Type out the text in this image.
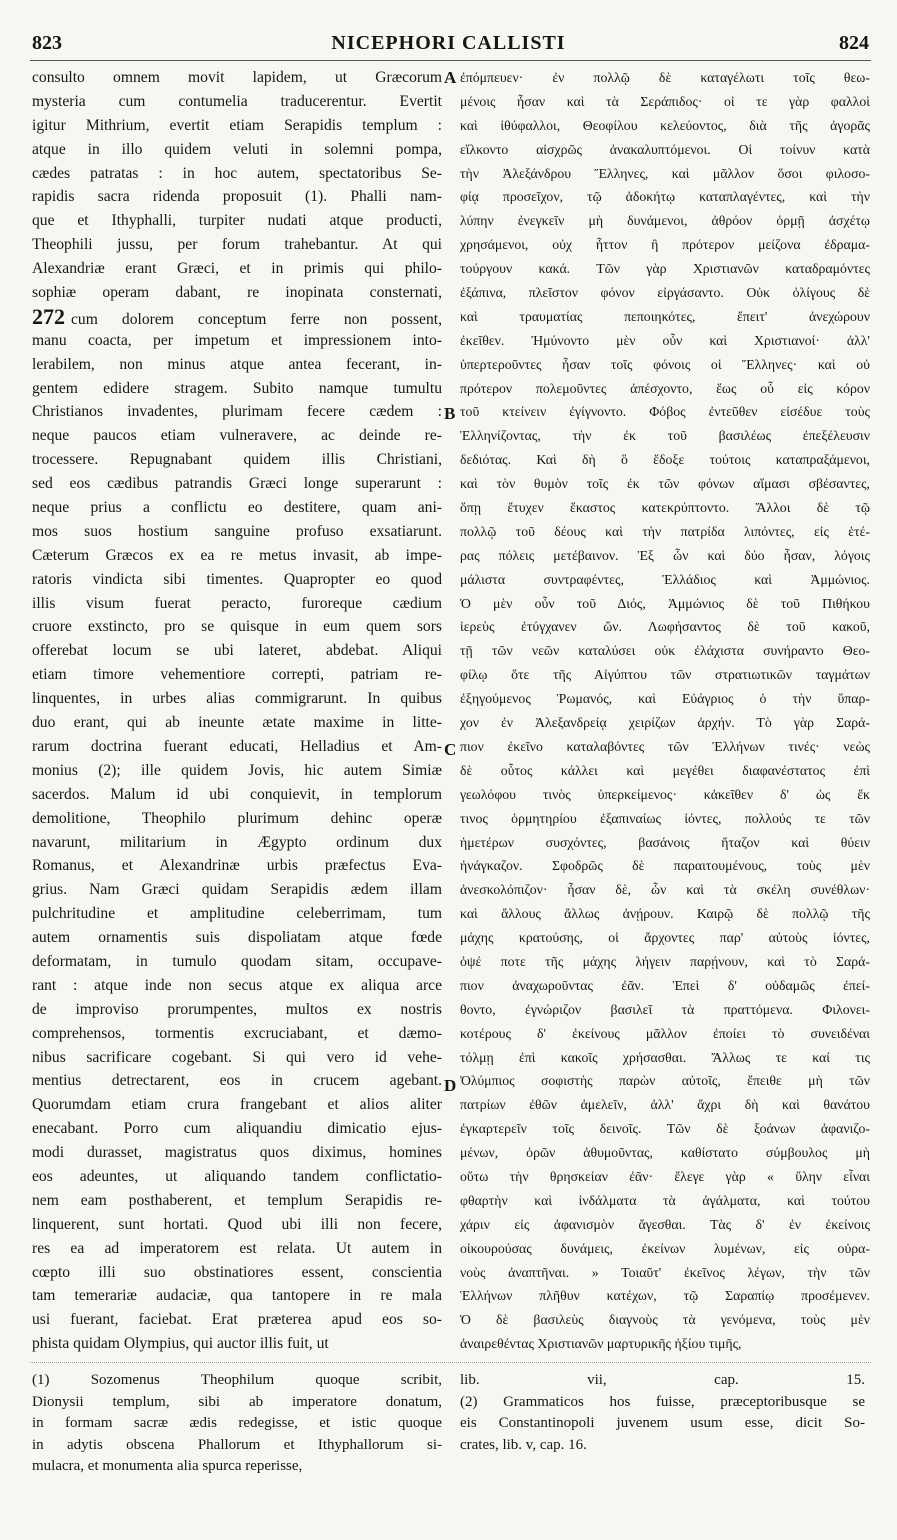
823	NICEPHORI CALLISTI	824
consulto omnem movit lapidem, ut Græcorum
mysteria cum contumelia traducerentur. Evertit
igitur Mithrium, evertit etiam Serapidis templum :
atque in illo quidem veluti in solemni pompa,
cædes patratas : in hoc autem, spectatoribus Se-
rapidis sacra ridenda proposuit (1). Phalli nam-
que et Ithyphalli, turpiter nudati atque producti,
Theophili jussu, per forum trahebantur. At qui
Alexandriæ erant Græci, et in primis qui philo-
sophiæ operam dabant, re inopinata consternati,
272 cum dolorem conceptum ferre non possent,
manu coacta, per impetum et impressionem into-
lerabilem, non minus atque antea fecerant, in-
gentem edidere stragem. Subito namque tumultu
Christianos invadentes, plurimam fecere cædem :
neque paucos etiam vulneravere, ac deinde re-
trocessere. Repugnabant quidem illis Christiani,
sed eos cædibus patrandis Græci longe superarunt :
neque prius a conflictu eo destitere, quam ani-
mos suos hostium sanguine profuso exsatiarunt.
Cæterum Græcos ex ea re metus invasit, ab impe-
ratoris vindicta sibi timentes. Quapropter eo quod
illis visum fuerat peracto, furoreque cædium
cruore exstincto, pro se quisque in eum quem sors
offerebat locum se ubi lateret, abdebat. Aliqui
etiam timore vehementiore correpti, patriam re-
linquentes, in urbes alias commigrarunt. In quibus
duo erant, qui ab ineunte ætate maxime in litte-
rarum doctrina fuerant educati, Helladius et Am-
monius (2); ille quidem Jovis, hic autem Simiæ
sacerdos. Malum id ubi conquievit, in templorum
demolitione, Theophilo plurimum dehinc operæ
navarunt, militarium in Ægypto ordinum dux
Romanus, et Alexandrinæ urbis præfectus Eva-
grius. Nam Græci quidam Serapidis ædem illam
pulchritudine et amplitudine celeberrimam, tum
autem ornamentis suis dispoliatam atque fœde
deformatam, in tumulo quodam sitam, occupave-
rant : atque inde non secus atque ex aliqua arce
de improviso prorumpentes, multos ex nostris
comprehensos, tormentis excruciabant, et dæmo-
nibus sacrificare cogebant. Si qui vero id vehe-
mentius detrectarent, eos in crucem agebant.
Quorumdam etiam crura frangebant et alios aliter
enecabant. Porro cum aliquandiu dimicatio ejus-
modi durasset, magistratus quos diximus, homines
eos adeuntes, ut aliquando tandem conflictatio-
nem eam posthaberent, et templum Serapidis re-
linquerent, sunt hortati. Quod ubi illi non fecere,
res ea ad imperatorem est relata. Ut autem in
cœpto illi suo obstinatiores essent, conscientia
tam temerariæ audaciæ, qua tantopere in re mala
usi fuerant, faciebat. Erat præterea apud eos so-
phista quidam Olympius, qui auctor illis fuit, ut
ἐπόμπευεν· ἐν πολλῷ δὲ καταγέλωτι τοῖς θεω-
μένοις ἦσαν καὶ τὰ Σεράπιδος· οἱ τε γὰρ φαλλοὶ
καὶ ἰθύφαλλοι, Θεοφίλου κελεύοντος, διὰ τῆς ἀγορᾶς
εἵλκοντο αἰσχρῶς ἀνακαλυπτόμενοι. Οἱ τοίνυν κατὰ
τὴν Ἀλεξάνδρου Ἕλληνες, καὶ μᾶλλον ὅσοι φιλοσο-
φίᾳ προσεῖχον, τῷ ἀδοκήτῳ καταπλαγέντες, καὶ τὴν
λύπην ἐνεγκεῖν μὴ δυνάμενοι, ἀθρόον ὁρμῇ ἀσχέτῳ
χρησάμενοι, οὐχ ἧττον ἢ πρότερον μείζονα ἐδραμα-
τούργουν κακά. Τῶν γὰρ Χριστιανῶν καταδραμόντες
ἐξάπινα, πλεῖστον φόνον εἰργάσαντο. Οὐκ ὀλίγους δὲ
καὶ τραυματίας πεποιηκότες, ἔπειτ' ἀνεχώρουν
ἐκεῖθεν. Ἠμύνοντο μὲν οὖν καὶ Χριστιανοί· ἀλλ'
ὑπερτεροῦντες ἦσαν τοῖς φόνοις οἱ Ἕλληνες· καὶ οὐ
πρότερον πολεμοῦντες ἀπέσχοντο, ἕως οὗ εἰς κόρον
τοῦ κτείνειν ἐγίγνοντο. Φόβος ἐντεῦθεν εἰσέδυε τοὺς
Ἑλληνίζοντας, τὴν ἐκ τοῦ βασιλέως ἐπεξέλευσιν
δεδιότας. Καὶ δὴ ὃ ἔδοξε τούτοις καταπραξάμενοι,
καὶ τὸν θυμὸν τοῖς ἐκ τῶν φόνων αἵμασι σβέσαντες,
ὅπῃ ἔτυχεν ἕκαστος κατεκρύπτοντο. Ἄλλοι δὲ τῷ
πολλῷ τοῦ δέους καὶ τὴν πατρίδα λιπόντες, εἰς ἑτέ-
ρας πόλεις μετέβαινον. Ἐξ ὧν καὶ δύο ἦσαν, λόγοις
μάλιστα συντραφέντες, Ἑλλάδιος καὶ Ἀμμώνιος.
Ὁ μὲν οὖν τοῦ Διός, Ἀμμώνιος δὲ τοῦ Πιθήκου
ἱερεὺς ἐτύγχανεν ὤν. Λωφήσαντος δὲ τοῦ κακοῦ,
τῇ τῶν νεῶν καταλύσει οὐκ ἐλάχιστα συνήραντο Θεο-
φίλῳ ὅτε τῆς Αἰγύπτου τῶν στρατιωτικῶν ταγμάτων
ἐξηγούμενος Ῥωμανός, καὶ Εὐάγριος ὁ τὴν ὕπαρ-
χον ἐν Ἀλεξανδρείᾳ χειρίζων ἀρχήν. Τὸ γὰρ Σαρά-
πιον ἐκεῖνο καταλαβόντες τῶν Ἑλλήνων τινές· νεὼς
δὲ οὗτος κάλλει καὶ μεγέθει διαφανέστατος ἐπὶ
γεωλόφου τινὸς ὑπερκείμενος· κἀκεῖθεν δ' ὡς ἔκ
τινος ὁρμητηρίου ἐξαπιναίως ἰόντες, πολλούς τε τῶν
ἡμετέρων συσχόντες, βασάνοις ἤταζον καὶ θύειν
ἠνάγκαζον. Σφοδρῶς δὲ παραιτουμένους, τοὺς μὲν
ἀνεσκολόπιζον· ἦσαν δὲ, ὧν καὶ τὰ σκέλη συνέθλων·
καὶ ἄλλους ἄλλως ἀνῄρουν. Καιρῷ δὲ πολλῷ τῆς
μάχης κρατούσης, οἱ ἄρχοντες παρ' αὐτοὺς ἰόντες,
ὀψέ ποτε τῆς μάχης λήγειν παρῄνουν, καὶ τὸ Σαρά-
πιον ἀναχωροῦντας ἐᾶν. Ἐπεὶ δ' οὐδαμῶς ἐπεί-
θοντο, ἐγνώριζον βασιλεῖ τὰ πραττόμενα. Φιλονει-
κοτέρους δ' ἐκείνους μᾶλλον ἐποίει τὸ συνειδέναι
τόλμῃ ἐπὶ κακοῖς χρήσασθαι. Ἄλλως τε καί τις
Ὀλύμπιος σοφιστὴς παρὼν αὐτοῖς, ἔπειθε μὴ τῶν
πατρίων ἐθῶν ἀμελεῖν, ἀλλ' ἄχρι δὴ καὶ θανάτου
ἐγκαρτερεῖν τοῖς δεινοῖς. Τῶν δὲ ξοάνων ἀφανιζο-
μένων, ὁρῶν ἀθυμοῦντας, καθίστατο σύμβουλος μὴ
οὕτω τὴν θρησκείαν ἐᾶν· ἔλεγε γὰρ « ὕλην εἶναι
φθαρτὴν καὶ ἰνδάλματα τὰ ἀγάλματα, καὶ τούτου
χάριν εἰς ἀφανισμὸν ἄγεσθαι. Τὰς δ' ἐν ἐκείνοις
οἰκουρούσας δυνάμεις, ἐκείνων λυμένων, εἰς οὐρα-
νοὺς ἀναπτῆναι. » Τοιαῦτ' ἐκεῖνος λέγων, τὴν τῶν
Ἑλλήνων πλῆθυν κατέχων, τῷ Σαραπίῳ προσέμενεν.
Ὁ δὲ βασιλεὺς διαγνοὺς τὰ γενόμενα, τοὺς μὲν
ἀναιρεθέντας Χριστιανῶν μαρτυρικῆς ἠξίου τιμῆς,
A
B
C
D
(1) Sozomenus Theophilum quoque scribit,
Dionysii templum, sibi ab imperatore donatum,
in formam sacræ ædis redegisse, et istic quoque
in adytis obscena Phallorum et Ithyphallorum si-
mulacra, et monumenta alia spurca reperisse,
lib. vii, cap. 15.
(2) Grammaticos hos fuisse, præceptoribusque se
eis Constantinopoli juvenem usum esse, dicit So-
crates, lib. v, cap. 16.
